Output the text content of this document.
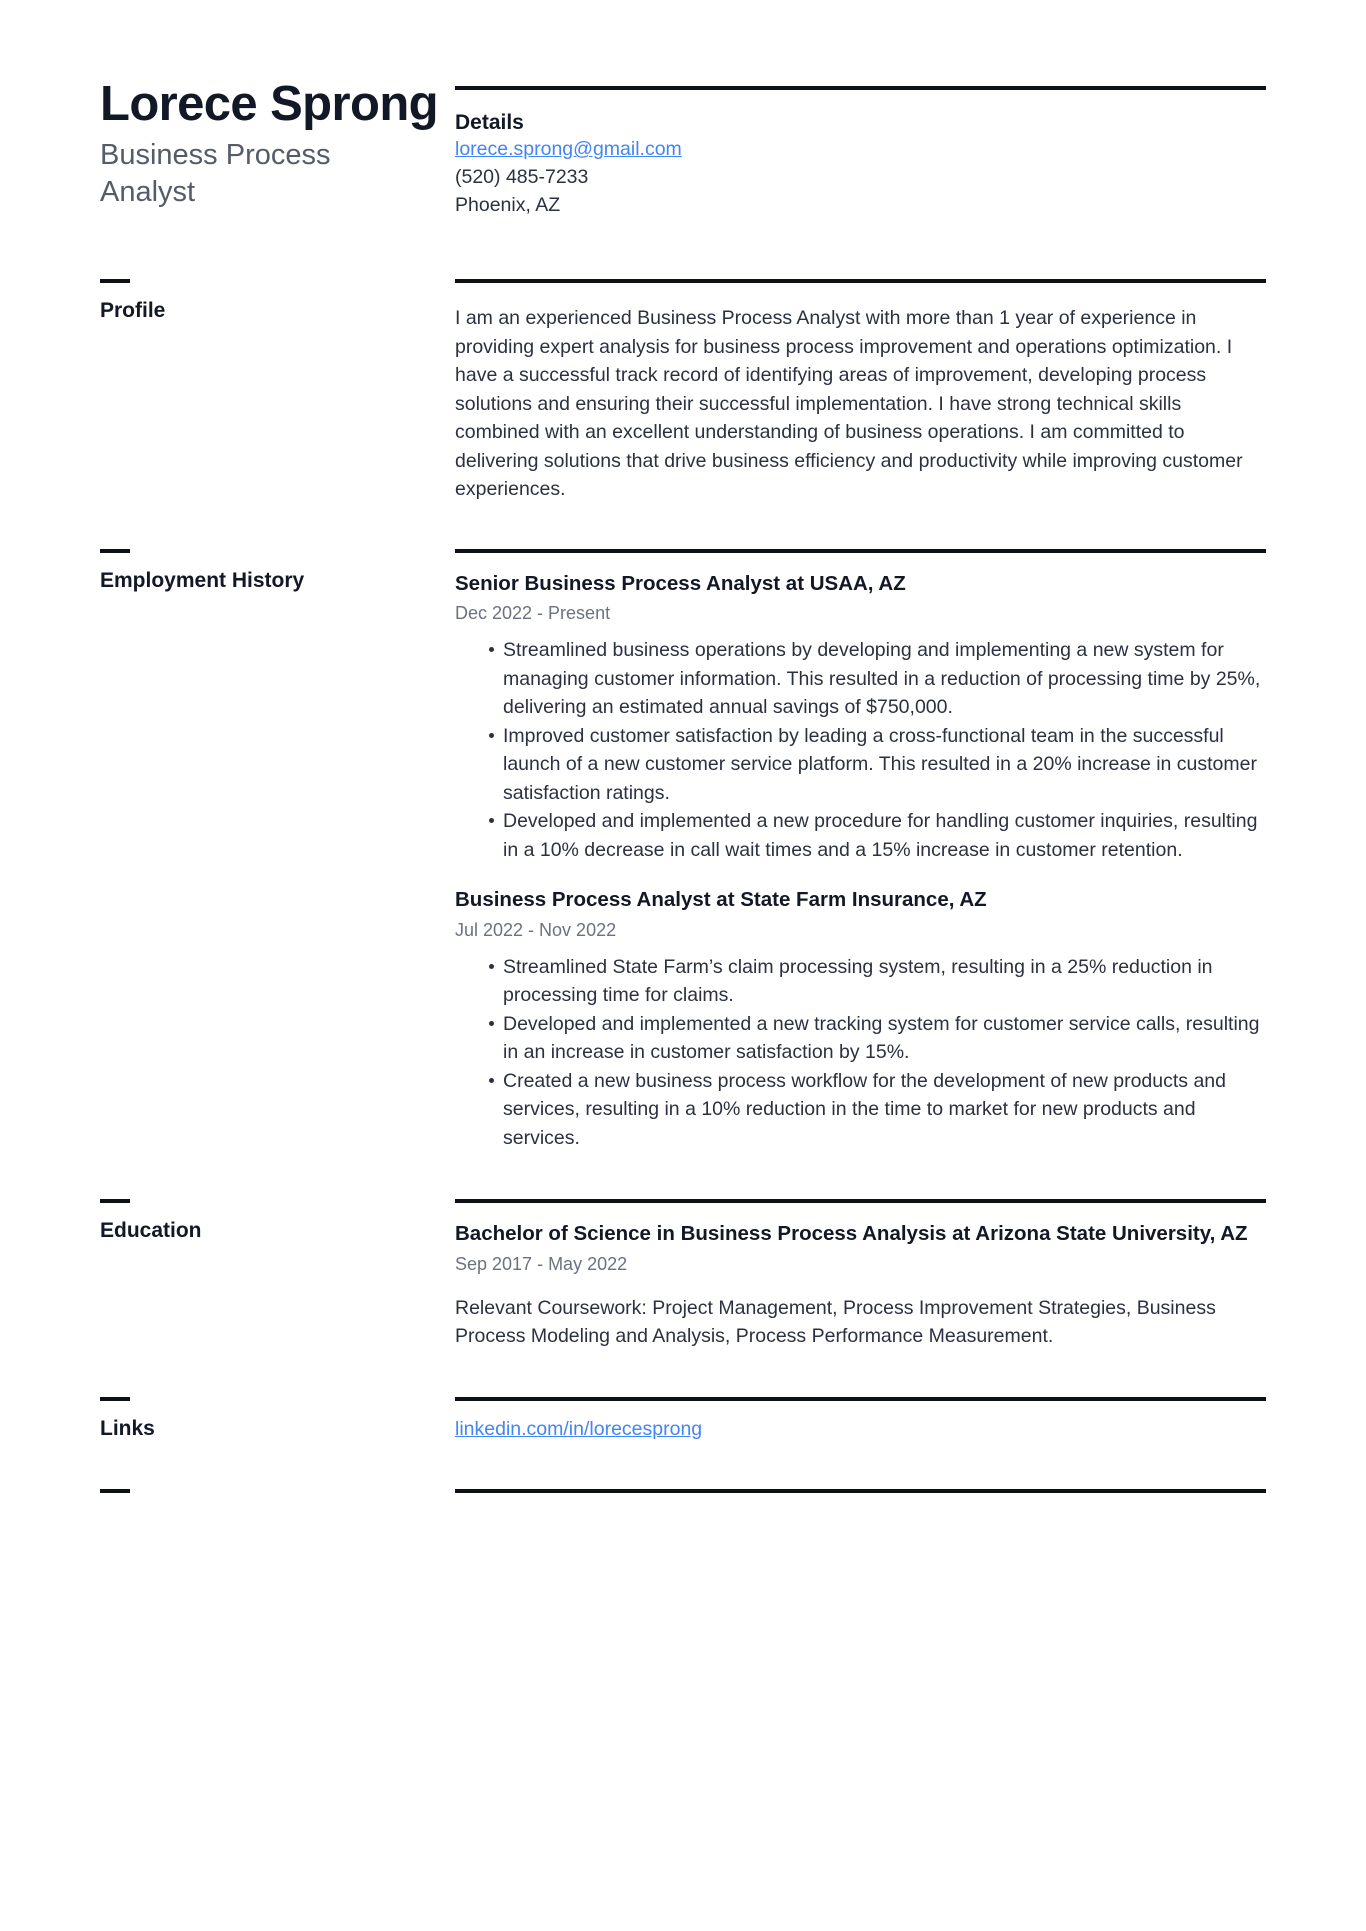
Lorece Sprong
Business Process Analyst
Details
lorece.sprong@gmail.com
(520) 485-7233
Phoenix, AZ
Profile	I am an experienced Business Process Analyst with more than 1 year of experience in providing expert analysis for business process improvement and operations optimization. I have a successful track record of identifying areas of improvement, developing process solutions and ensuring their successful implementation. I have strong technical skills combined with an excellent understanding of business operations. I am committed to delivering solutions that drive business efficiency and productivity while improving customer experiences.
Employment History	Senior Business Process Analyst at USAA, AZ
Dec 2022 - Present
Streamlined business operations by developing and implementing a new system for managing customer information. This resulted in a reduction of processing time by 25%, delivering an estimated annual savings of $750,000.
Improved customer satisfaction by leading a cross-functional team in the successful launch of a new customer service platform. This resulted in a 20% increase in customer satisfaction ratings.
Developed and implemented a new procedure for handling customer inquiries, resulting in a 10% decrease in call wait times and a 15% increase in customer retention.
Business Process Analyst at State Farm Insurance, AZ
Jul 2022 - Nov 2022
Streamlined State Farm’s claim processing system, resulting in a 25% reduction in processing time for claims.
Developed and implemented a new tracking system for customer service calls, resulting in an increase in customer satisfaction by 15%.
Created a new business process workflow for the development of new products and services, resulting in a 10% reduction in the time to market for new products and services.
Education	Bachelor of Science in Business Process Analysis at Arizona State University, AZ
Sep 2017 - May 2022
Relevant Coursework: Project Management, Process Improvement Strategies, Business Process Modeling and Analysis, Process Performance Measurement.
Links	linkedin.com/in/lorecesprong
